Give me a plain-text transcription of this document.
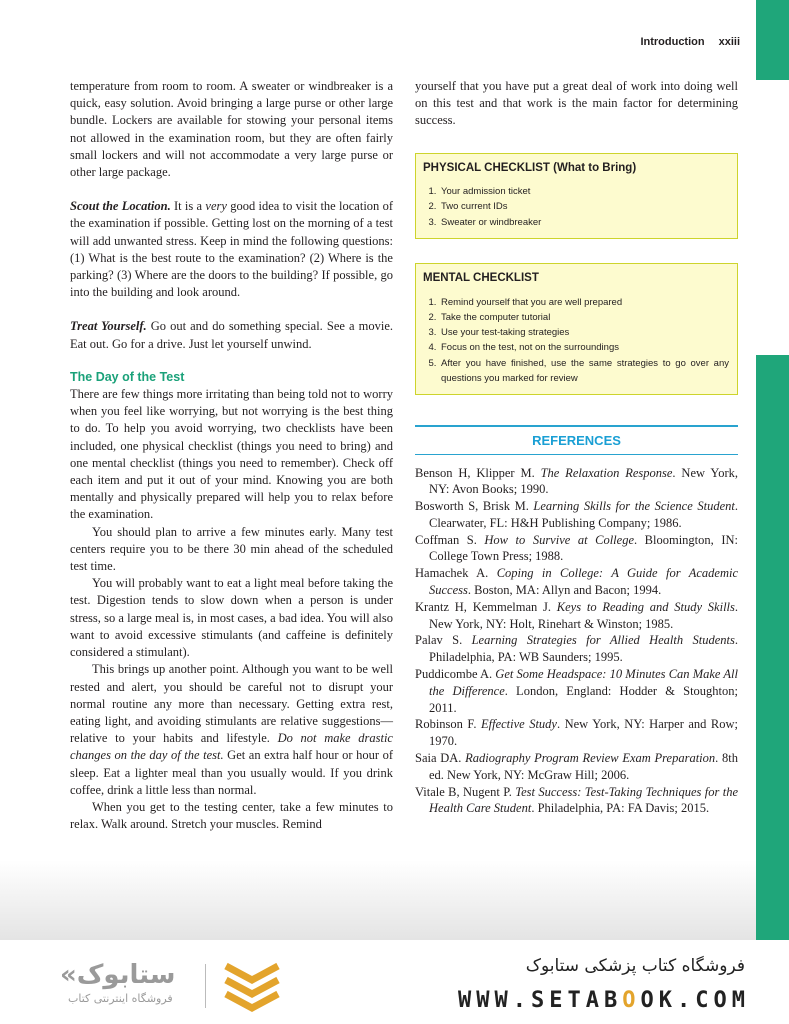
Introduction xxiii

temperature from room to room. A sweater or windbreaker is a quick, easy solution. Avoid bringing a large purse or other large bundle. Lockers are available for stowing your personal items not allowed in the examination room, but they are often fairly small lockers and will not accommodate a very large purse or other large package.

Scout the Location. It is a very good idea to visit the location of the examination if possible. Getting lost on the morning of a test will add unwanted stress. Keep in mind the following questions: (1) What is the best route to the examination? (2) Where is the parking? (3) Where are the doors to the building? If possible, go into the building and look around.

Treat Yourself. Go out and do something special. See a movie. Eat out. Go for a drive. Just let yourself unwind.

The Day of the Test

There are few things more irritating than being told not to worry when you feel like worrying, but not worrying is the best thing to do. To help you avoid worrying, two checklists have been included, one physical checklist (things you need to bring) and one mental checklist (things you need to remember). Check off each item and put it out of your mind. Knowing you are both mentally and physically prepared will help you to relax before the examination.

You should plan to arrive a few minutes early. Many test centers require you to be there 30 min ahead of the scheduled test time.

You will probably want to eat a light meal before taking the test. Digestion tends to slow down when a person is under stress, so a large meal is, in most cases, a bad idea. You will also want to avoid excessive stimulants (and caffeine is definitely considered a stimulant).

This brings up another point. Although you want to be well rested and alert, you should be careful not to disrupt your normal routine any more than necessary. Getting extra rest, eating light, and avoiding stimulants are relative suggestions—relative to your habits and lifestyle. Do not make drastic changes on the day of the test. Get an extra half hour or hour of sleep. Eat a lighter meal than you usually would. If you drink coffee, drink a little less than normal.

When you get to the testing center, take a few minutes to relax. Walk around. Stretch your muscles. Remind

yourself that you have put a great deal of work into doing well on this test and that work is the main factor for determining success.

PHYSICAL CHECKLIST (What to Bring)
1. Your admission ticket
2. Two current IDs
3. Sweater or windbreaker
MENTAL CHECKLIST
1. Remind yourself that you are well prepared
2. Take the computer tutorial
3. Use your test-taking strategies
4. Focus on the test, not on the surroundings
5. After you have finished, use the same strategies to go over any questions you marked for review
REFERENCES

Benson H, Klipper M. The Relaxation Response. New York, NY: Avon Books; 1990.

Bosworth S, Brisk M. Learning Skills for the Science Student. Clearwater, FL: H&H Publishing Company; 1986.

Coffman S. How to Survive at College. Bloomington, IN: College Town Press; 1988.

Hamachek A. Coping in College: A Guide for Academic Success. Boston, MA: Allyn and Bacon; 1994.

Krantz H, Kemmelman J. Keys to Reading and Study Skills. New York, NY: Holt, Rinehart & Winston; 1985.

Palav S. Learning Strategies for Allied Health Students. Philadelphia, PA: WB Saunders; 1995.

Puddicombe A. Get Some Headspace: 10 Minutes Can Make All the Difference. London, England: Hodder & Stoughton; 2011.

Robinson F. Effective Study. New York, NY: Harper and Row; 1970.

Saia DA. Radiography Program Review Exam Preparation. 8th ed. New York, NY: McGraw Hill; 2006.

Vitale B, Nugent P. Test Success: Test-Taking Techniques for the Health Care Student. Philadelphia, PA: FA Davis; 2015.

«ستابوک
فروشگاه اینترنتی کتاب
فروشگاه کتاب پزشکی ستابوک
WWW.SETABOOK.COM
